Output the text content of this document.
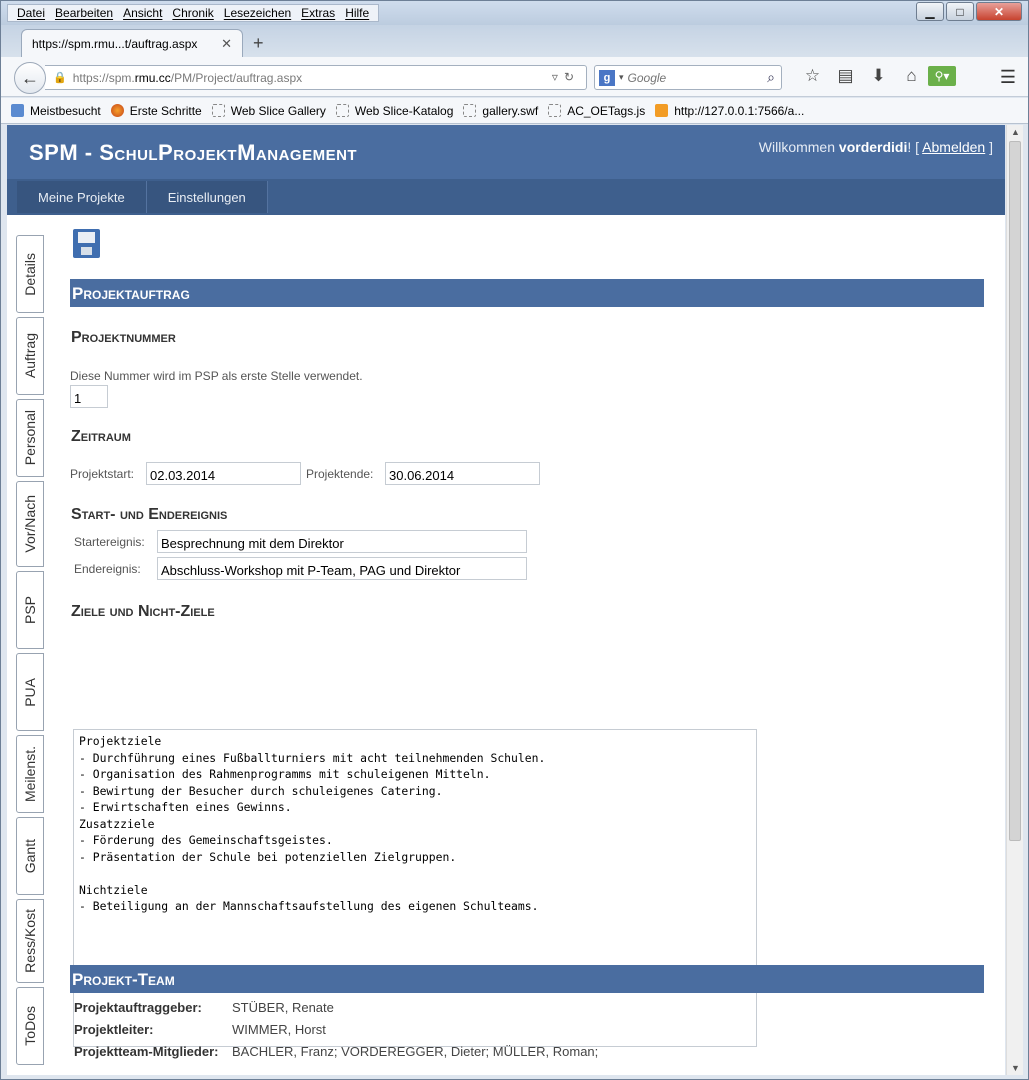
Datei Bearbeiten Ansicht Chronik Lesezeichen Extras Hilfe	▁ □	✕
https://spm.rmu...t/auftrag.aspx	✕ +
🔒 https://spm. rmu.cc /PM/Project/auftrag.aspx	▿↻
←	g ▾
Google	⌕	☆	▤	⬇	⌂	⚲▾	☰
Meistbesucht Erste Schritte Web Slice Gallery Web Slice-Katalog gallery.swf AC_OETags.js http://127.0.0.1:7566/a...
SPM - SchulProjektManagement	Willkommen vorderdidi! [ Abmelden ]
Meine Projekte	Einstellungen
Details
Auftrag
Personal
Vor/Nach
PSP
PUA
Meilenst.
Gantt
Ress/Kost
ToDos
Projektauftrag
Projektnummer
Diese Nummer wird im PSP als erste Stelle verwendet.
1
Zeitraum
Projektstart:
02.03.2014	Projektende:
30.06.2014
Start- und Endereignis
Startereignis:
Besprechnung mit dem Direktor
Endereignis:
Abschluss-Workshop mit P-Team, PAG und Direktor
Ziele und Nicht-Ziele
Projektziele - Durchführung eines Fußballturniers mit acht teilnehmenden Schulen. - Organisation des Rahmenprogramms mit schuleigenen Mitteln. - Bewirtung der Besucher durch schuleigenes Catering. - Erwirtschaften eines Gewinns. Zusatzziele - Förderung des Gemeinschaftsgeistes. - Präsentation der Schule bei potenziellen Zielgruppen. Nichtziele - Beteiligung an der Mannschaftsaufstellung des eigenen Schulteams.
Projekt-Team
Projektauftraggeber:	STÜBER, Renate
Projektleiter:	WIMMER, Horst
Projektteam-Mitglieder:	BACHLER, Franz; VORDEREGGER, Dieter; MÜLLER, Roman;
▲
▼
